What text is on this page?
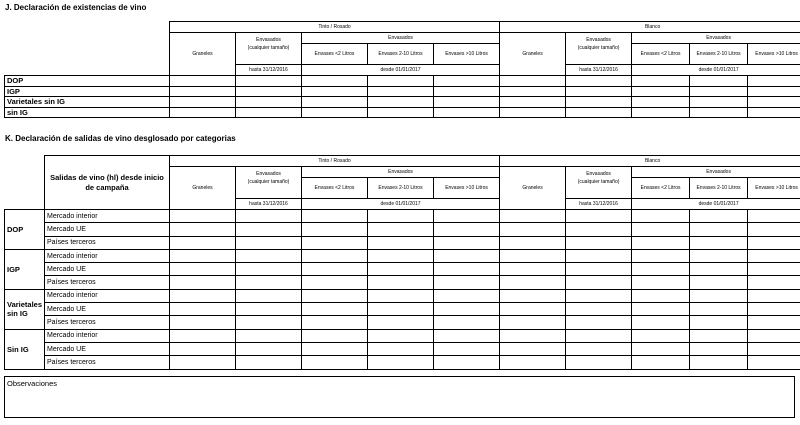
J. Declaración de existencias de vino
	Tinto / Rosado					Blanco				
	Graneles	Envasados	Envasados			Graneles	Envasados	Envasados		
		(cualquier tamaño)	Envases <2 Litros	Envases 2-10 Litros	Envases >10 Litros		(cualquier tamaño)	Envases <2 Litros	Envases 2-10 Litros	Envases >10 Litros
		hasta 31/12/2016	desde 01/01/2017				hasta 31/12/2016	desde 01/01/2017		
DOP										
IGP										
Varietales sin IG										
sin IG										
K. Declaración de salidas de vino desglosado por categorias
	Salidas de vino (hl) desde inicio de campaña	Tinto / Rosado					Blanco				
		Graneles	Envasados	Envasados			Graneles	Envasados	Envasados		
			(cualquier tamaño)	Envases <2 Litros	Envases 2-10 Litros	Envases >10 Litros		(cualquier tamaño)	Envases <2 Litros	Envases 2-10 Litros	Envases >10 Litros
			hasta 31/12/2016	desde 01/01/2017				hasta 31/12/2016	desde 01/01/2017		
DOP	Mercado interior										
	Mercado UE										
	Países terceros										
IGP	Mercado interior										
	Mercado UE										
	Países terceros										
Varietales sin IG	Mercado interior										
	Mercado UE										
	Países terceros										
Sin IG	Mercado interior										
	Mercado UE										
	Países terceros										
Observaciones
